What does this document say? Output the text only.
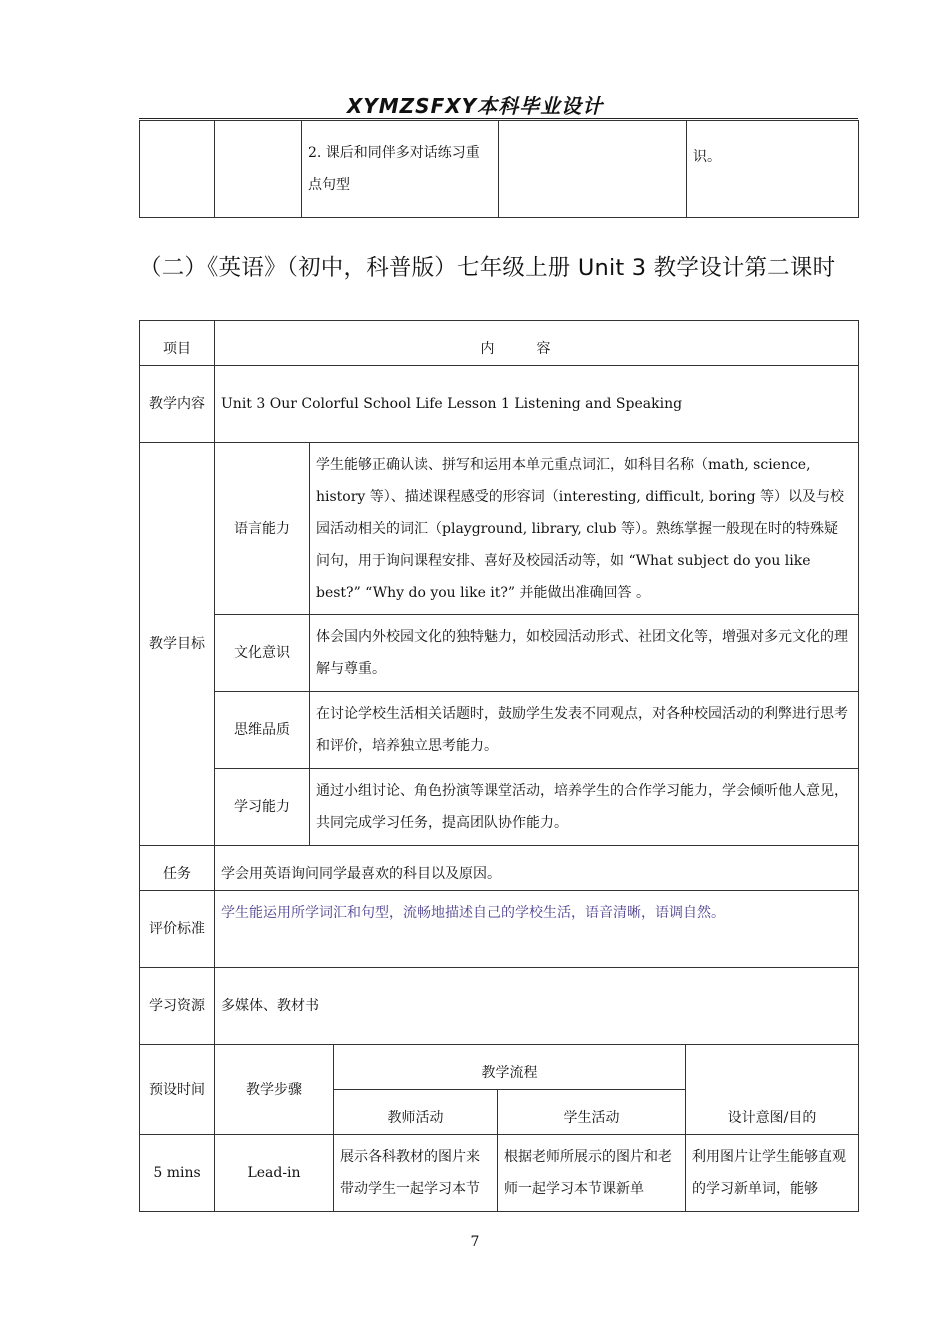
XYMZSFXY本科毕业设计
		2. 课后和同伴多对话练习重点句型		识。
（二）《英语》（初中，科普版）七年级上册 Unit 3 教学设计第二课时
项目	内容				
教学内容	Unit 3 Our Colorful School Life Lesson 1 Listening and Speaking				
教学目标	语言能力	学生能够正确认读、拼写和运用本单元重点词汇，如科目名称（math, science, history 等）、描述课程感受的形容词（interesting, difficult, boring 等）以及与校园活动相关的词汇（playground, library, club 等）。熟练掌握一般现在时的特殊疑问句，用于询问课程安排、喜好及校园活动等，如 “What subject do you like best?” “Why do you like it?” 并能做出准确回答 。			
	文化意识	体会国内外校园文化的独特魅力，如校园活动形式、社团文化等，增强对多元文化的理解与尊重。			
	思维品质	在讨论学校生活相关话题时，鼓励学生发表不同观点，对各种校园活动的利弊进行思考和评价，培养独立思考能力。			
	学习能力	通过小组讨论、角色扮演等课堂活动，培养学生的合作学习能力，学会倾听他人意见，共同完成学习任务，提高团队协作能力。			
任务	学会用英语询问同学最喜欢的科目以及原因。				
评价标准	学生能运用所学词汇和句型，流畅地描述自己的学校生活，语音清晰，语调自然。				
学习资源	多媒体、教材书				
预设时间	教学步骤		教学流程		设计意图/目的
			教师活动	学生活动	
5 mins	Lead-in		展示各科教材的图片来带动学生一起学习本节	根据老师所展示的图片和老师一起学习本节课新单	利用图片让学生能够直观的学习新单词，能够
7
